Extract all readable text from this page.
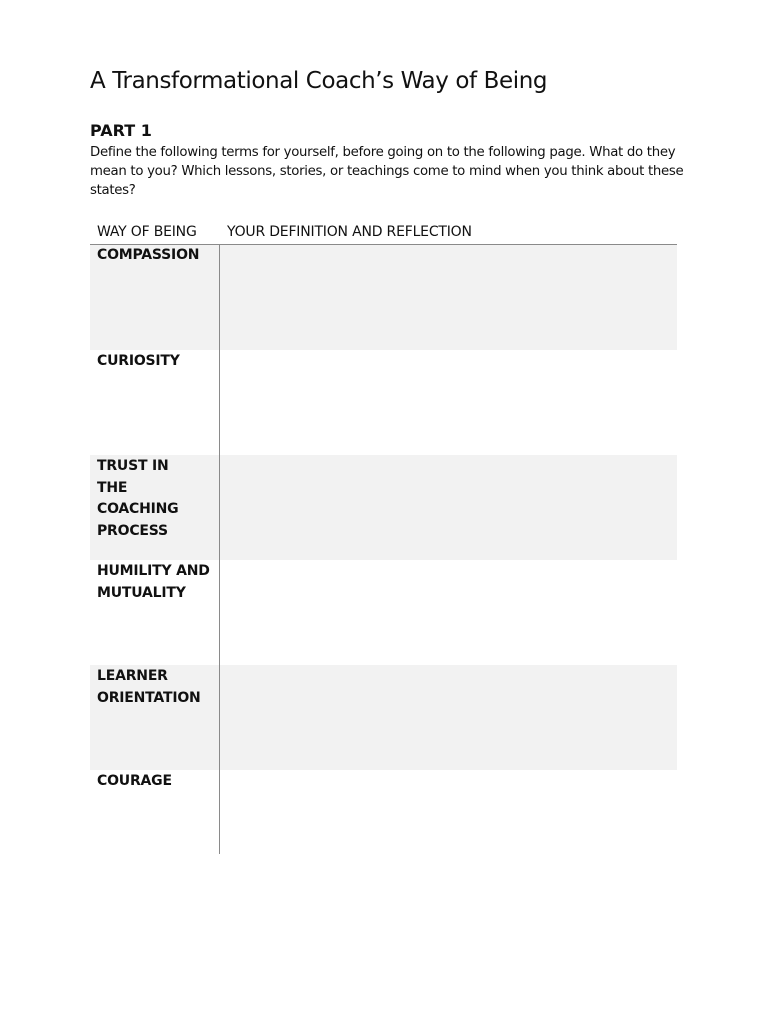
A Transformational Coach’s Way of Being
PART 1

Define the following terms for yourself, before going on to the following page. What do they mean to you? Which lessons, stories, or teachings come to mind when you think about these states?

WAY OF BEING YOUR DEFINITION AND REFLECTION
COMPASSION
CURIOSITY
TRUST IN THE COACHING PROCESS
HUMILITY AND MUTUALITY
LEARNER ORIENTATION
COURAGE
